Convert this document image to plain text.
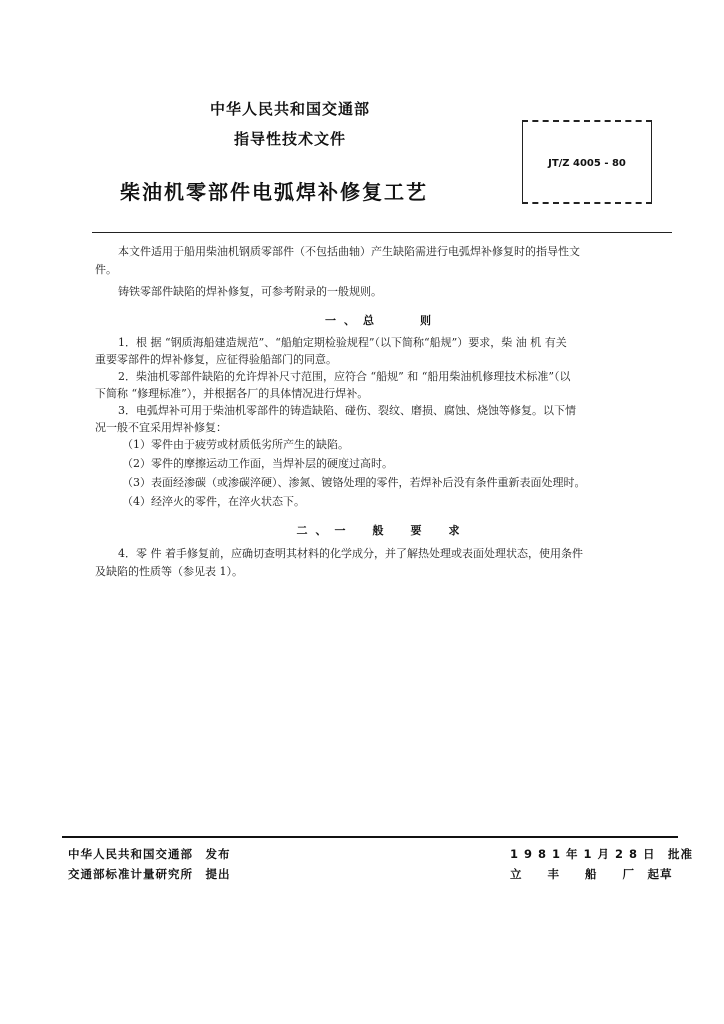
中华人民共和国交通部
指导性技术文件
柴油机零部件电弧焊补修复工艺
JT/Z 4005 - 80
本文件适用于船用柴油机钢质零部件（不包括曲轴）产生缺陷需进行电弧焊补修复时的指导性文
件。
铸铁零部件缺陷的焊补修复，可参考附录的一般规则。
一、总　　则
1．根 据 “钢质海船建造规范”、“船舶定期检验规程”（以下简称“船规”）要求，柴 油 机 有关
重要零部件的焊补修复，应征得验船部门的同意。
2．柴油机零部件缺陷的允许焊补尺寸范围，应符合 “船规” 和 “船用柴油机修理技术标准”（以
下简称 “修理标准”），并根据各厂的具体情况进行焊补。
3．电弧焊补可用于柴油机零部件的铸造缺陷、碰伤、裂纹、磨损、腐蚀、烧蚀等修复。以下情
况一般不宜采用焊补修复：
（1）零件由于疲劳或材质低劣所产生的缺陷。
（2）零件的摩擦运动工作面，当焊补层的硬度过高时。
（3）表面经渗碳（或渗碳淬硬）、渗氮、镀铬处理的零件，若焊补后没有条件重新表面处理时。
（4）经淬火的零件，在淬火状态下。
二、一　般　要　求
4．零 件 着手修复前，应确切查明其材料的化学成分，并了解热处理或表面处理状态，使用条件
及缺陷的性质等（参见表 1）。
中华人民共和国交通部　发布
交通部标准计量研究所　提出
1 9 8 1 年 1 月 2 8 日　批准
立　　丰　　船　　厂　起草
